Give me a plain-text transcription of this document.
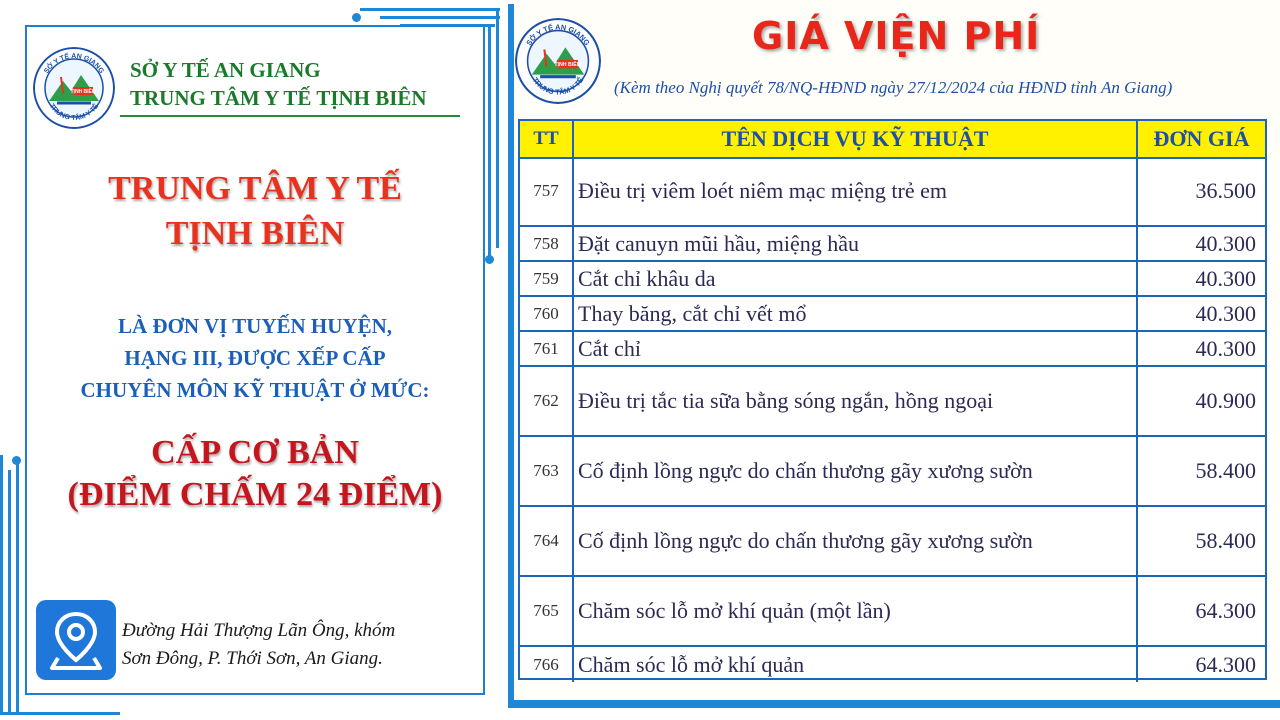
SỞ Y TẾ AN GIANG
TRUNG TÂM Y TẾ
TỊNH BIÊN
SỞ Y TẾ AN GIANG
TRUNG TÂM Y TẾ TỊNH BIÊN
TRUNG TÂM Y TẾ
TỊNH BIÊN
LÀ ĐƠN VỊ TUYẾN HUYỆN,
HẠNG III, ĐƯỢC XẾP CẤP
CHUYÊN MÔN KỸ THUẬT Ở MỨC:
CẤP CƠ BẢN
(ĐIỂM CHẤM 24 ĐIỂM)
Đường Hải Thượng Lãn Ông, khóm
Sơn Đông, P. Thới Sơn, An Giang.
SỞ Y TẾ AN GIANG
TRUNG TÂM Y TẾ
TỊNH BIÊN
GIÁ VIỆN PHÍ
(Kèm theo Nghị quyết 78/NQ-HĐND ngày 27/12/2024 của HĐND tỉnh An Giang)
TT	TÊN DỊCH VỤ KỸ THUẬT	ĐƠN GIÁ
757 Điều trị viêm loét niêm mạc miệng trẻ em	36.500
758 Đặt canuyn mũi hầu, miệng hầu	40.300
759 Cắt chỉ khâu da	40.300
760 Thay băng, cắt chỉ vết mổ	40.300
761 Cắt chỉ	40.300
762 Điều trị tắc tia sữa bằng sóng ngắn, hồng ngoại	40.900
763 Cố định lồng ngực do chấn thương gãy xương sườn	58.400
764 Cố định lồng ngực do chấn thương gãy xương sườn	58.400
765 Chăm sóc lỗ mở khí quản (một lần)	64.300
766 Chăm sóc lỗ mở khí quản	64.300
